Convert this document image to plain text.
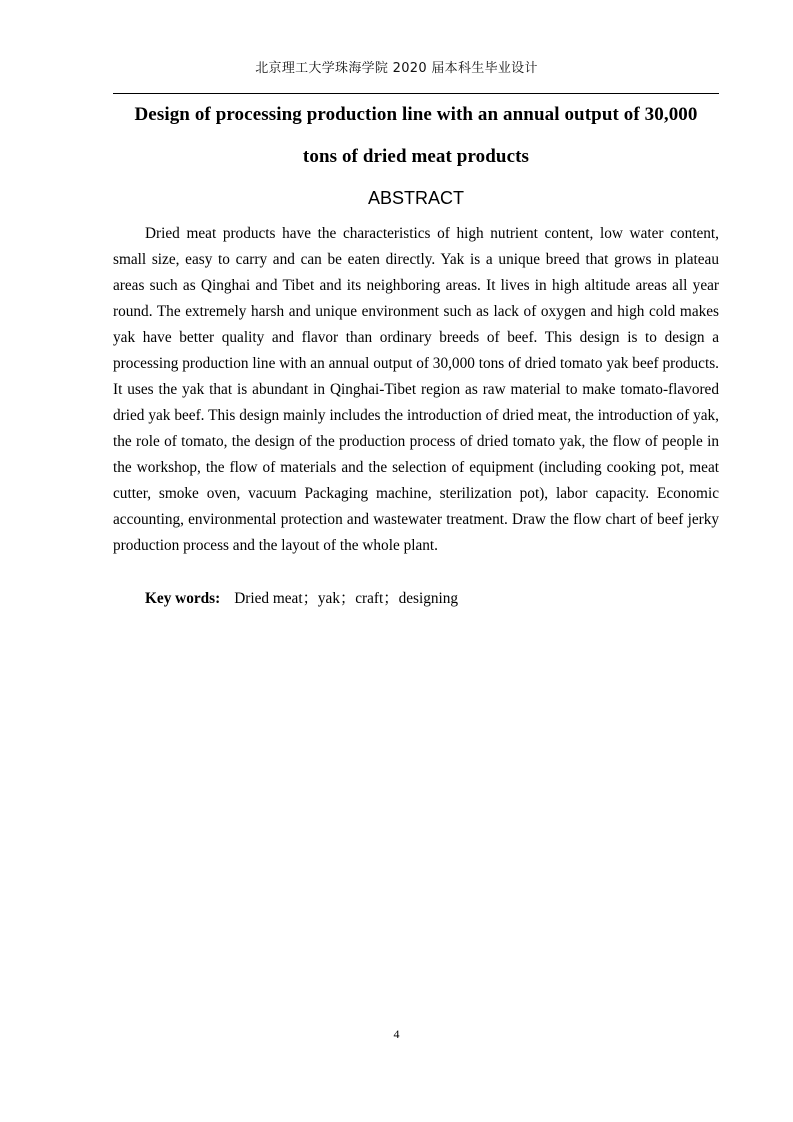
北京理工大学珠海学院 2020 届本科生毕业设计
Design of processing production line with an annual output of 30,000
tons of dried meat products
ABSTRACT

Dried meat products have the characteristics of high nutrient content, low water content, small size, easy to carry and can be eaten directly. Yak is a unique breed that grows in plateau areas such as Qinghai and Tibet and its neighboring areas. It lives in high altitude areas all year round. The extremely harsh and unique environment such as lack of oxygen and high cold makes yak have better quality and flavor than ordinary breeds of beef. This design is to design a processing production line with an annual output of 30,000 tons of dried tomato yak beef products. It uses the yak that is abundant in Qinghai-Tibet region as raw material to make tomato-flavored dried yak beef. This design mainly includes the introduction of dried meat, the introduction of yak, the role of tomato, the design of the production process of dried tomato yak, the flow of people in the workshop, the flow of materials and the selection of equipment (including cooking pot, meat cutter, smoke oven, vacuum Packaging machine, sterilization pot), labor capacity. Economic accounting, environmental protection and wastewater treatment. Draw the flow chart of beef jerky production process and the layout of the whole plant.

Key words: Dried meat；yak；craft；designing
4
